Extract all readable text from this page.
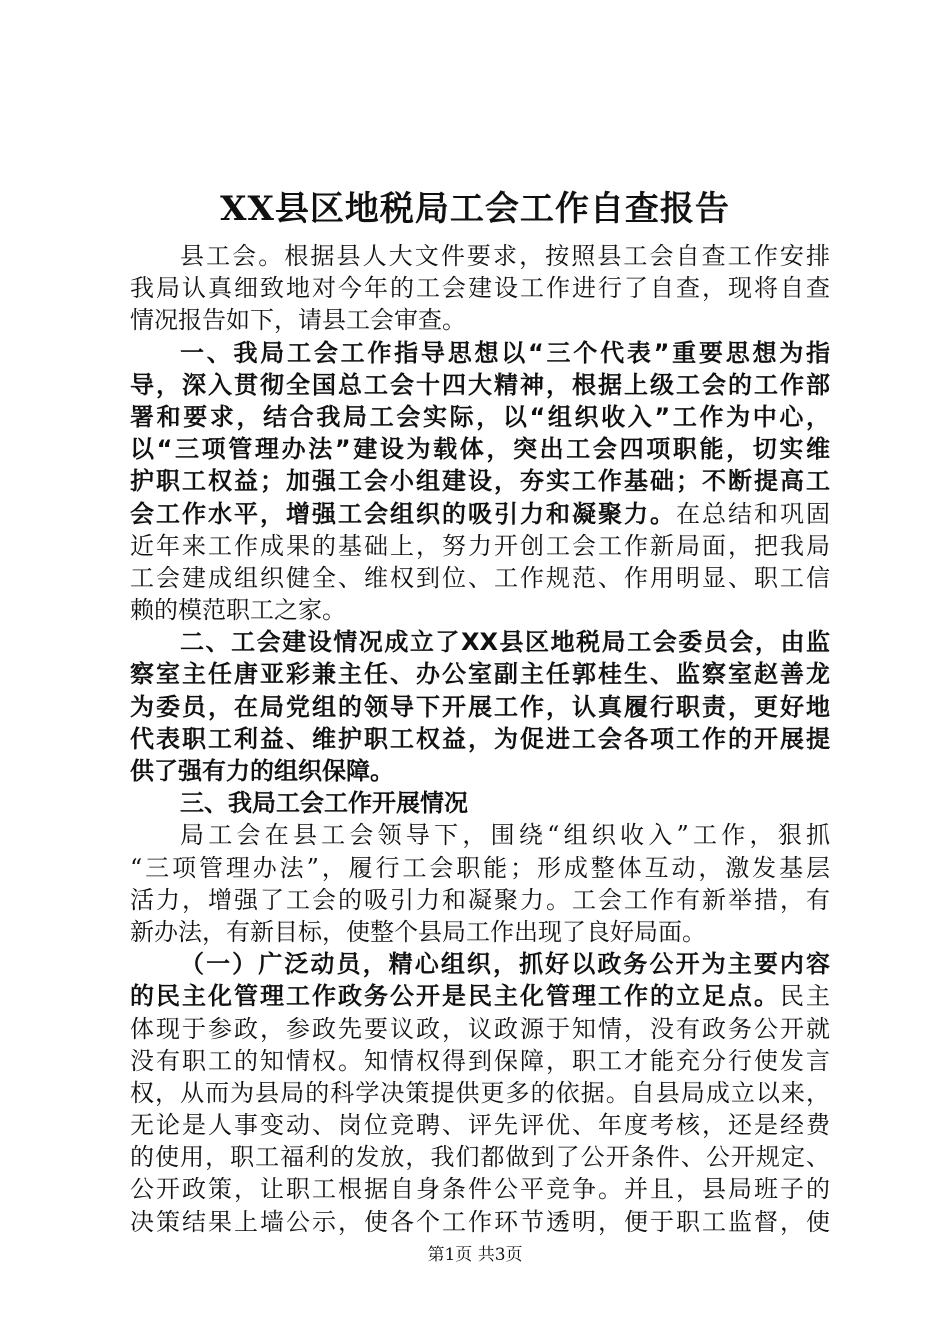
XX县区地税局工会工作自查报告
县工会。根据县人大文件要求，按照县工会自查工作安排
我局认真细致地对今年的工会建设工作进行了自查，现将自查
情况报告如下，请县工会审查。
一、我局工会工作指导思想以“三个代表”重要思想为指
导，深入贯彻全国总工会十四大精神，根据上级工会的工作部
署和要求，结合我局工会实际，以“组织收入”工作为中心，
以“三项管理办法”建设为载体，突出工会四项职能，切实维
护职工权益；加强工会小组建设，夯实工作基础；不断提高工
会工作水平，增强工会组织的吸引力和凝聚力。在总结和巩固
近年来工作成果的基础上，努力开创工会工作新局面，把我局
工会建成组织健全、维权到位、工作规范、作用明显、职工信
赖的模范职工之家。
二、工会建设情况成立了XX县区地税局工会委员会，由监
察室主任唐亚彩兼主任、办公室副主任郭桂生、监察室赵善龙
为委员，在局党组的领导下开展工作，认真履行职责，更好地
代表职工利益、维护职工权益，为促进工会各项工作的开展提
供了强有力的组织保障。
三、我局工会工作开展情况
局工会在县工会领导下，围绕“组织收入”工作，狠抓
“三项管理办法”，履行工会职能；形成整体互动，激发基层
活力，增强了工会的吸引力和凝聚力。工会工作有新举措，有
新办法，有新目标，使整个县局工作出现了良好局面。
（一）广泛动员，精心组织，抓好以政务公开为主要内容
的民主化管理工作政务公开是民主化管理工作的立足点。民主
体现于参政，参政先要议政，议政源于知情，没有政务公开就
没有职工的知情权。知情权得到保障，职工才能充分行使发言
权，从而为县局的科学决策提供更多的依据。自县局成立以来，
无论是人事变动、岗位竞聘、评先评优、年度考核，还是经费
的使用，职工福利的发放，我们都做到了公开条件、公开规定、
公开政策，让职工根据自身条件公平竞争。并且，县局班子的
决策结果上墙公示，使各个工作环节透明，便于职工监督，使
第1页 共3页
